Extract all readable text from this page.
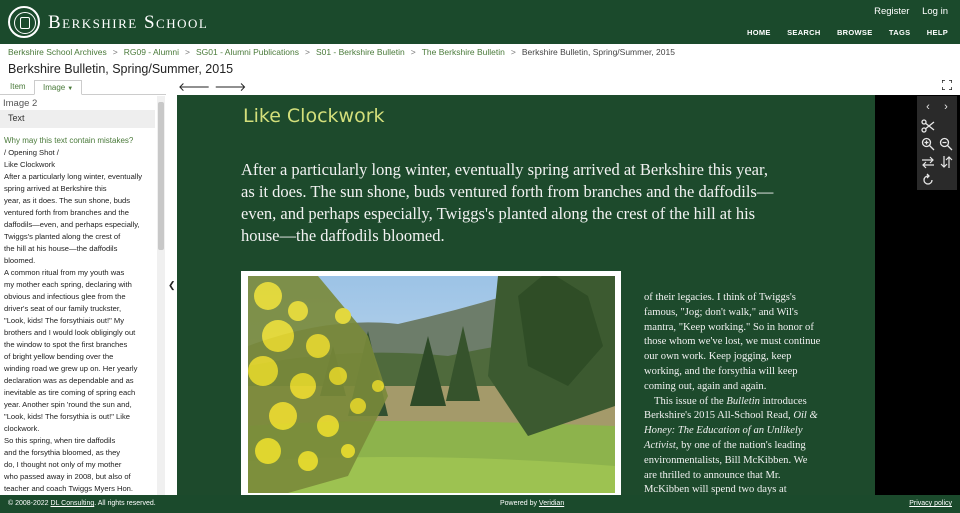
Berkshire School
Register Log in
HOME SEARCH BROWSE TAGS HELP
Berkshire School Archives > RG09 - Alumni > SG01 - Alumni Publications > S01 - Berkshire Bulletin > The Berkshire Bulletin > Berkshire Bulletin, Spring/Summer, 2015
Berkshire Bulletin, Spring/Summer, 2015
Item	Image ▼	🡐 🡒
Image 2
Text
Why may this text contain mistakes?
/ Opening Shot /
Like Clockwork
After a particularly long winter, eventually
spring arrived at Berkshire this
year, as it does. The sun shone, buds
ventured forth from branches and the
daffodils—even, and perhaps especially,
Twiggs's planted along the crest of
the hill at his house—the daffodils
bloomed.
A common ritual from my youth was
my mother each spring, declaring with
obvious and infectious glee from the
driver's seat of our family truckster,
"Look, kids! The forsythiais out!" My
brothers and I would look obligingly out
the window to spot the first branches
of bright yellow bending over the
winding road we grew up on. Her yearly
declaration was as dependable and as
inevitable as tire coming of spring each
year. Another spin 'round the sun and,
"Look, kids! The forsythia is out!" Like
clockwork.
So this spring, when tire daffodils
and the forsythia bloomed, as they
do, I thought not only of my mother
who passed away in 2008, but also of
teacher and coach Twiggs Myers Hon.
❮
Like Clockwork
After a particularly long winter, eventually spring arrived at Berkshire this year, as it does. The sun shone, buds ventured forth from branches and the daffodils—even, and perhaps especially, Twiggs's planted along the crest of the hill at his house—the daffodils bloomed.
of their legacies. I think of Twiggs's famous, "Jog; don't walk," and Wil's mantra, "Keep working." So in honor of those whom we've lost, we must continue our own work. Keep jogging, keep working, and the forsythia will keep coming out, again and again.
This issue of the Bulletin introduces Berkshire's 2015 All-School Read, Oil & Honey: The Education of an Unlikely Activist, by one of the nation's leading environmentalists, Bill McKibben. We are thrilled to announce that Mr. McKibben will spend two days at
‹	›
© 2008-2022 DL Consulting. All rights reserved.	Powered by Veridian	Privacy policy
